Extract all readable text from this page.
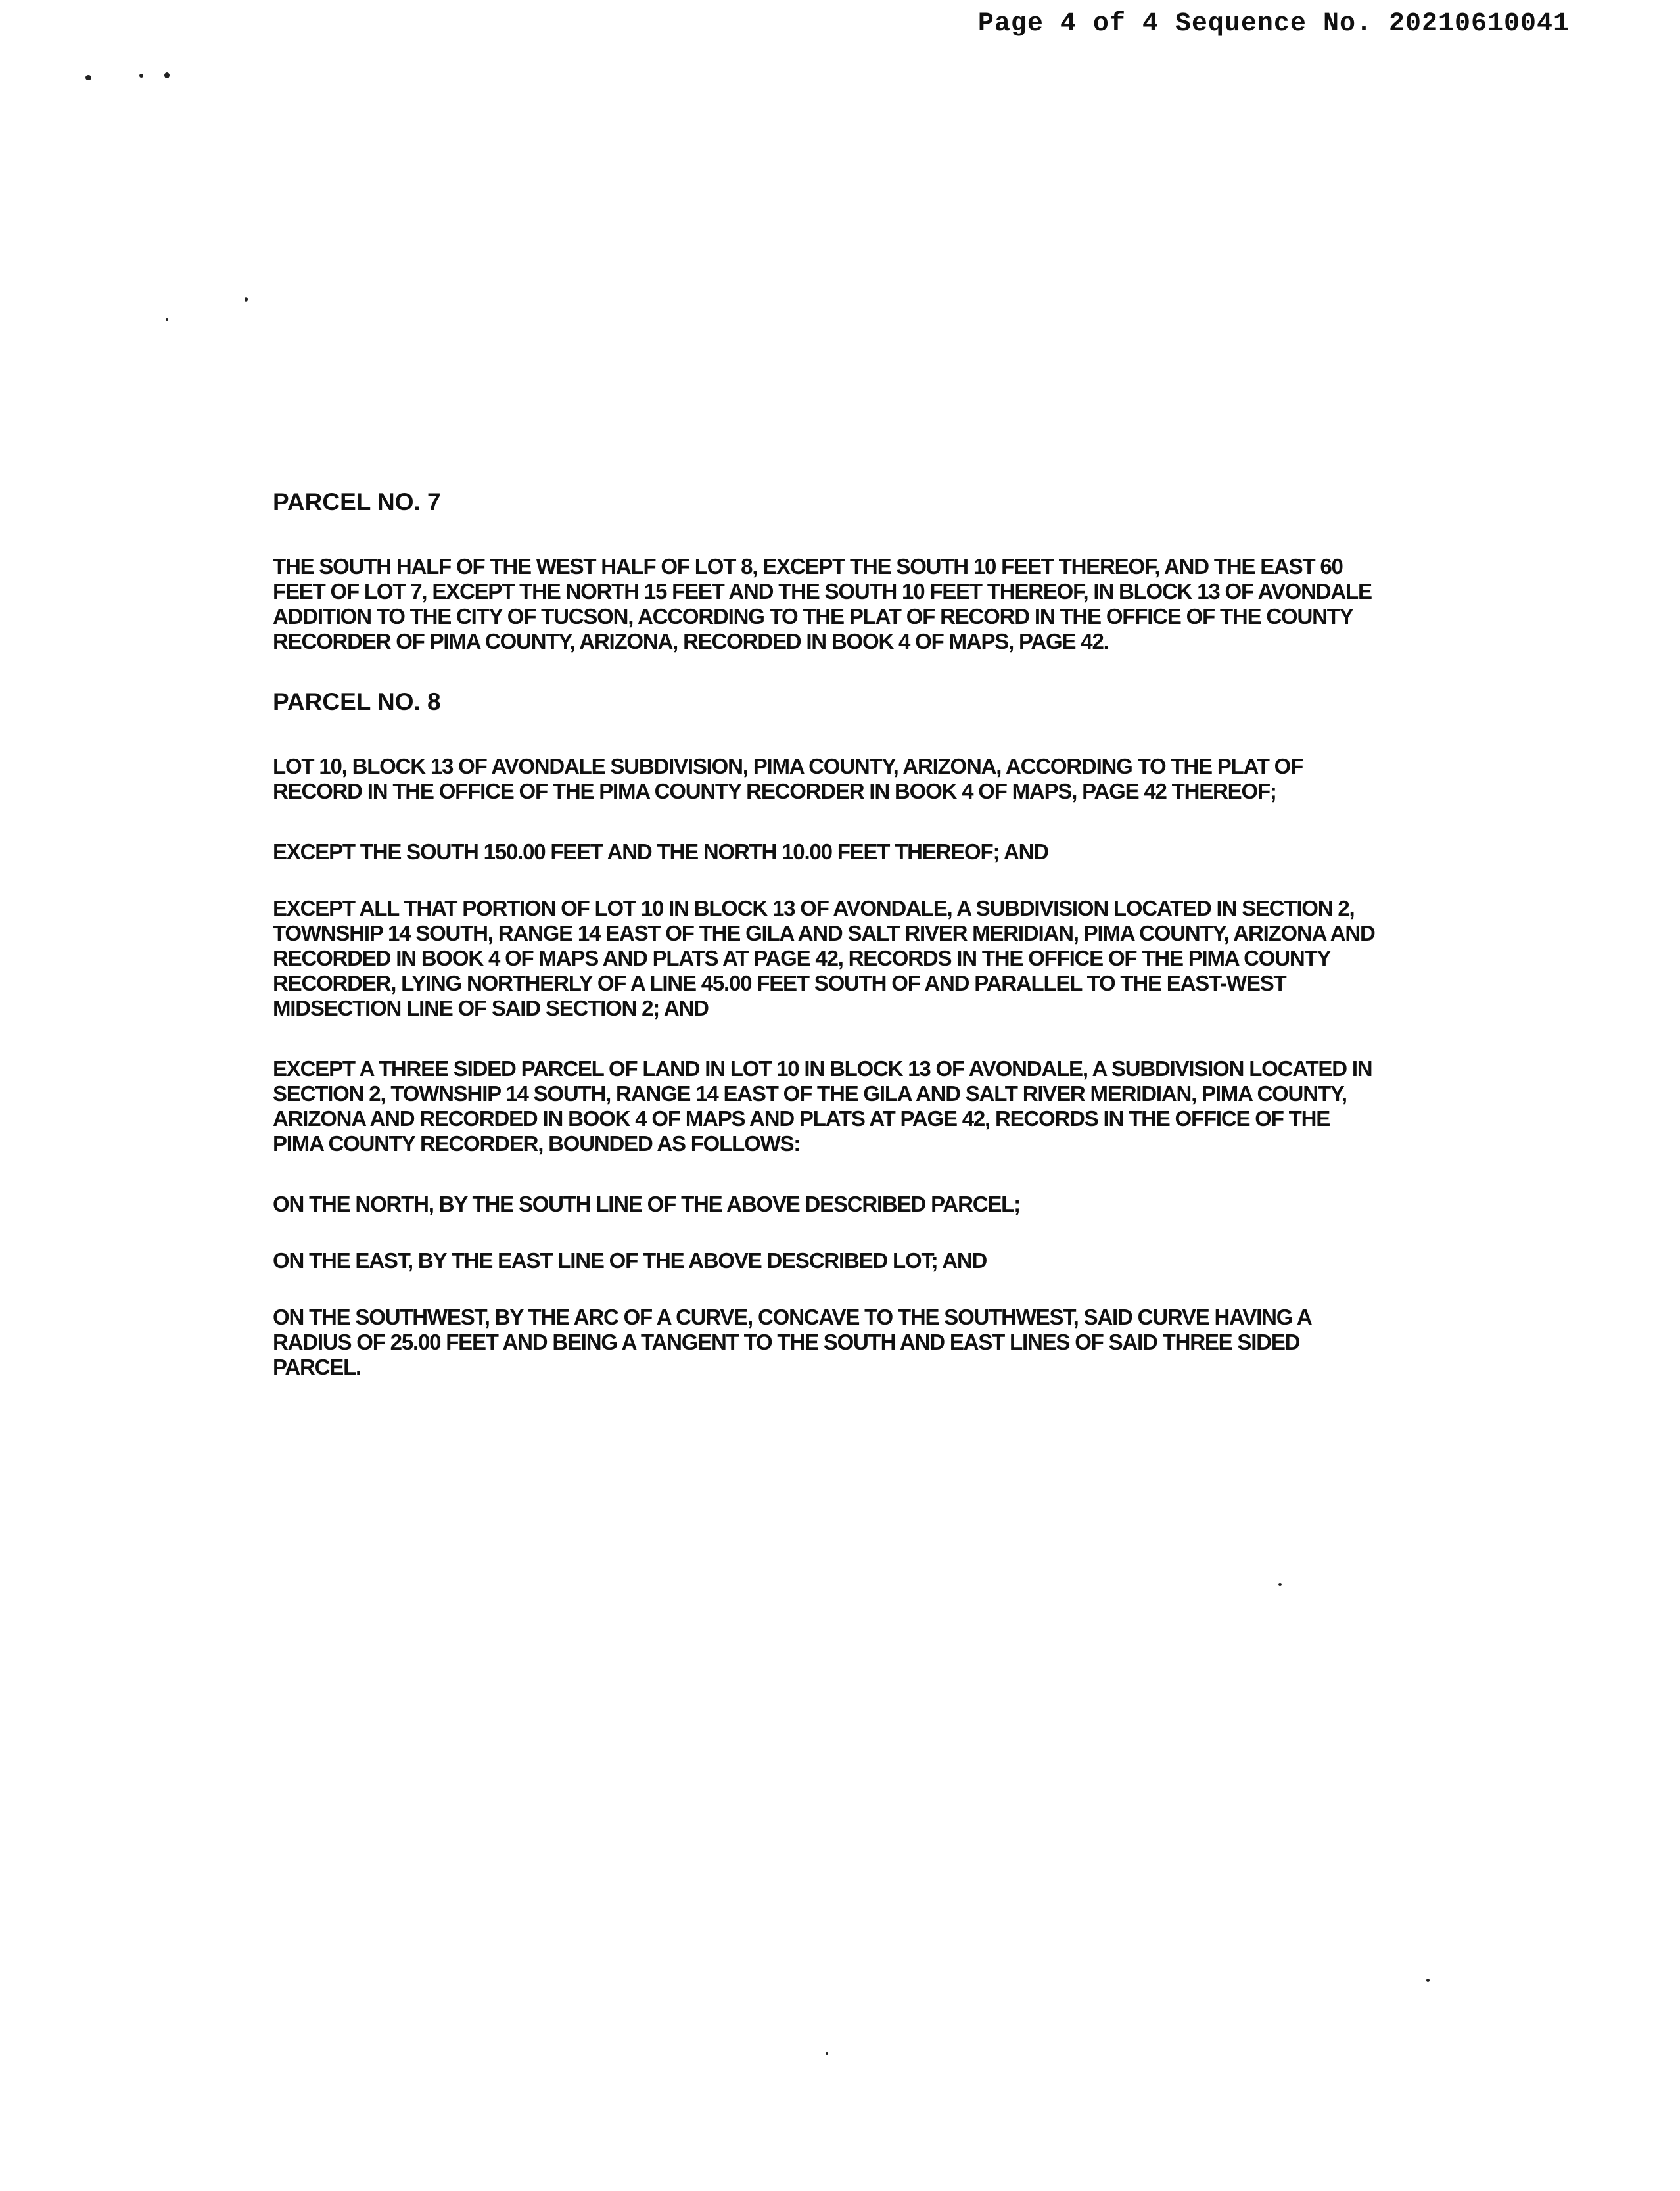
Page 4 of 4 Sequence No. 20210610041
PARCEL NO. 7
THE SOUTH HALF OF THE WEST HALF OF LOT 8, EXCEPT THE SOUTH 10 FEET THEREOF, AND THE EAST 60 FEET OF LOT 7, EXCEPT THE NORTH 15 FEET AND THE SOUTH 10 FEET THEREOF, IN BLOCK 13 OF AVONDALE ADDITION TO THE CITY OF TUCSON, ACCORDING TO THE PLAT OF RECORD IN THE OFFICE OF THE COUNTY RECORDER OF PIMA COUNTY, ARIZONA, RECORDED IN BOOK 4 OF MAPS, PAGE 42.
PARCEL NO. 8
LOT 10, BLOCK 13 OF AVONDALE SUBDIVISION, PIMA COUNTY, ARIZONA, ACCORDING TO THE PLAT OF RECORD IN THE OFFICE OF THE PIMA COUNTY RECORDER IN BOOK 4 OF MAPS, PAGE 42 THEREOF;
EXCEPT THE SOUTH 150.00 FEET AND THE NORTH 10.00 FEET THEREOF; AND
EXCEPT ALL THAT PORTION OF LOT 10 IN BLOCK 13 OF AVONDALE, A SUBDIVISION LOCATED IN SECTION 2, TOWNSHIP 14 SOUTH, RANGE 14 EAST OF THE GILA AND SALT RIVER MERIDIAN, PIMA COUNTY, ARIZONA AND RECORDED IN BOOK 4 OF MAPS AND PLATS AT PAGE 42, RECORDS IN THE OFFICE OF THE PIMA COUNTY RECORDER, LYING NORTHERLY OF A LINE 45.00 FEET SOUTH OF AND PARALLEL TO THE EAST-WEST MIDSECTION LINE OF SAID SECTION 2; AND
EXCEPT A THREE SIDED PARCEL OF LAND IN LOT 10 IN BLOCK 13 OF AVONDALE, A SUBDIVISION LOCATED IN SECTION 2, TOWNSHIP 14 SOUTH, RANGE 14 EAST OF THE GILA AND SALT RIVER MERIDIAN, PIMA COUNTY, ARIZONA AND RECORDED IN BOOK 4 OF MAPS AND PLATS AT PAGE 42, RECORDS IN THE OFFICE OF THE PIMA COUNTY RECORDER, BOUNDED AS FOLLOWS:
ON THE NORTH, BY THE SOUTH LINE OF THE ABOVE DESCRIBED PARCEL;
ON THE EAST, BY THE EAST LINE OF THE ABOVE DESCRIBED LOT; AND
ON THE SOUTHWEST, BY THE ARC OF A CURVE, CONCAVE TO THE SOUTHWEST, SAID CURVE HAVING A RADIUS OF 25.00 FEET AND BEING A TANGENT TO THE SOUTH AND EAST LINES OF SAID THREE SIDED PARCEL.
